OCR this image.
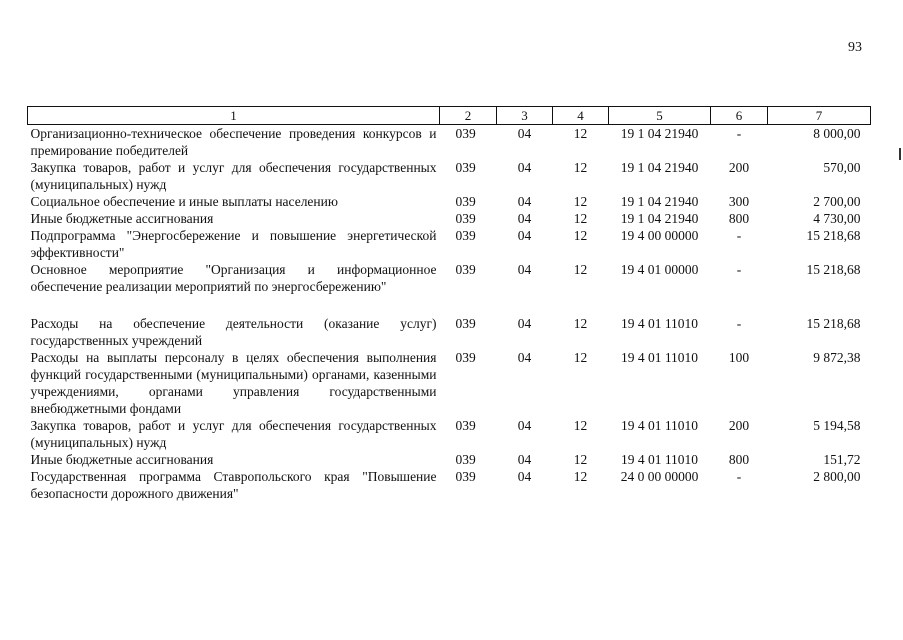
93
1	2	3	4	5	6	7
Организационно-техническое обеспечение проведения конкурсов и премирование победителей	039	04	12	19 1 04 21940	-	8 000,00
Закупка товаров, работ и услуг для обеспечения государственных (муниципальных) нужд	039	04	12	19 1 04 21940	200	570,00
Социальное обеспечение и иные выплаты населению	039	04	12	19 1 04 21940	300	2 700,00
Иные бюджетные ассигнования	039	04	12	19 1 04 21940	800	4 730,00
Подпрограмма "Энергосбережение и повышение энергетической эффективности"	039	04	12	19 4 00 00000	-	15 218,68
Основное мероприятие "Организация и информационное обеспечение реализации мероприятий по энергосбережению"	039	04	12	19 4 01 00000	-	15 218,68

Расходы на обеспечение деятельности (оказание услуг) государственных учреждений	039	04	12	19 4 01 11010	-	15 218,68
Расходы на выплаты персоналу в целях обеспечения выполнения функций государственными (муниципальными) органами, казенными учреждениями, органами управления государственными внебюджетными фондами	039	04	12	19 4 01 11010	100	9 872,38
Закупка товаров, работ и услуг для обеспечения государственных (муниципальных) нужд	039	04	12	19 4 01 11010	200	5 194,58
Иные бюджетные ассигнования	039	04	12	19 4 01 11010	800	151,72
Государственная программа Ставропольского края "Повышение безопасности дорожного движения"	039	04	12	24 0 00 00000	-	2 800,00
